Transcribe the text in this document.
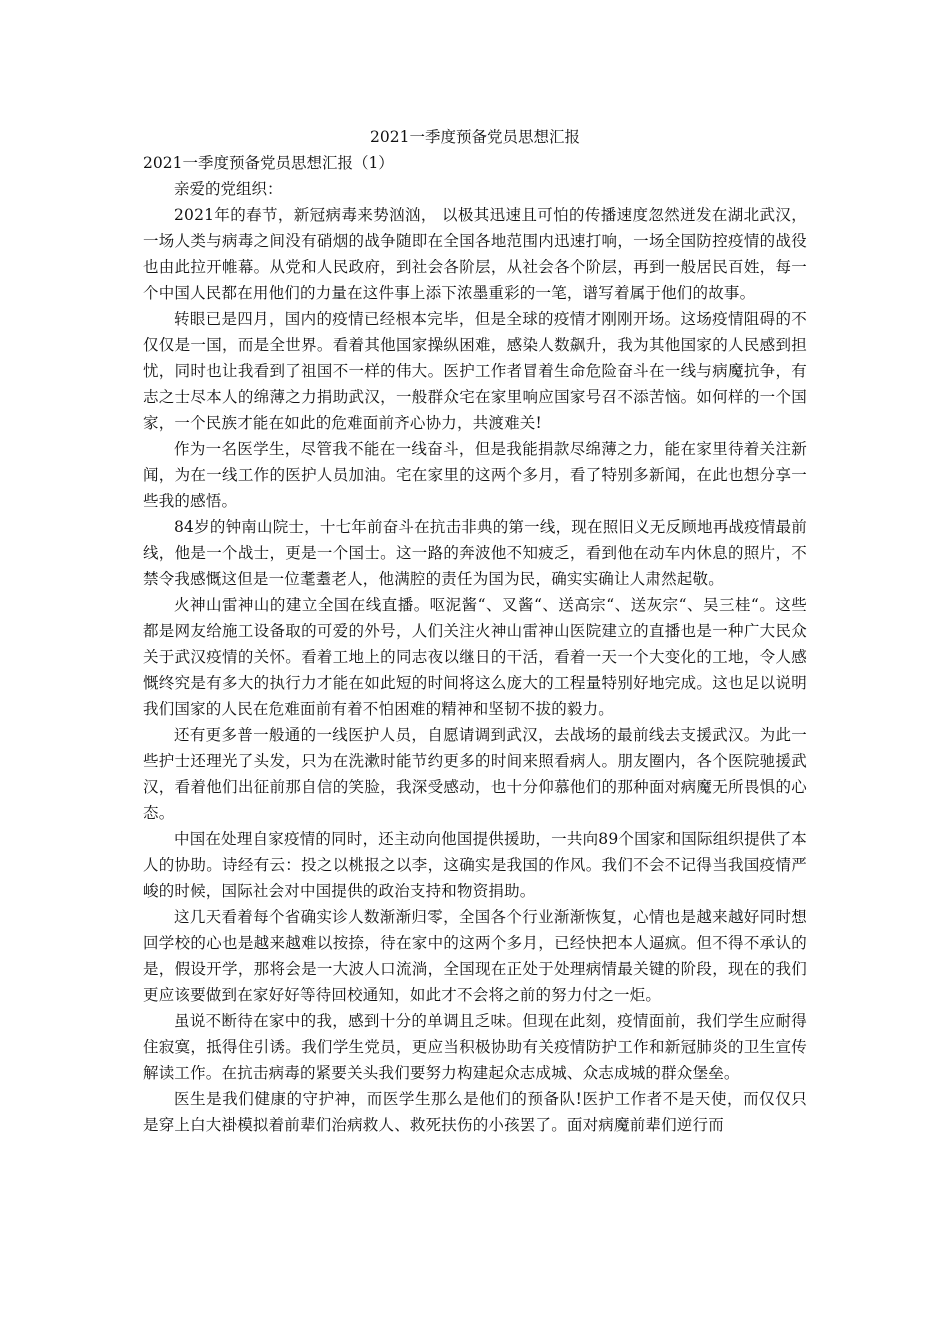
2021一季度预备党员思想汇报

2021一季度预备党员思想汇报（1）

亲爱的党组织：

2021年的春节，新冠病毒来势汹汹， 以极其迅速且可怕的传播速度忽然迸发在湖北武汉，一场人类与病毒之间没有硝烟的战争随即在全国各地范围内迅速打响，一场全国防控疫情的战役也由此拉开帷幕。从党和人民政府，到社会各阶层，从社会各个阶层，再到一般居民百姓，每一个中国人民都在用他们的力量在这件事上添下浓墨重彩的一笔，谱写着属于他们的故事。

转眼已是四月，国内的疫情已经根本完毕，但是全球的疫情才刚刚开场。这场疫情阻碍的不仅仅是一国，而是全世界。看着其他国家操纵困难，感染人数飙升，我为其他国家的人民感到担忧，同时也让我看到了祖国不一样的伟大。医护工作者冒着生命危险奋斗在一线与病魔抗争，有志之士尽本人的绵薄之力捐助武汉，一般群众宅在家里响应国家号召不添苦恼。如何样的一个国家，一个民族才能在如此的危难面前齐心协力，共渡难关!

作为一名医学生，尽管我不能在一线奋斗，但是我能捐款尽绵薄之力，能在家里待着关注新闻，为在一线工作的医护人员加油。宅在家里的这两个多月，看了特别多新闻，在此也想分享一些我的感悟。

84岁的钟南山院士，十七年前奋斗在抗击非典的第一线，现在照旧义无反顾地再战疫情最前线，他是一个战士，更是一个国士。这一路的奔波他不知疲乏，看到他在动车内休息的照片，不禁令我感慨这但是一位耄耋老人，他满腔的责任为国为民，确实实确让人肃然起敬。

火神山雷神山的建立全国在线直播。呕泥酱“、叉酱“、送高宗“、送灰宗“、吴三桂“。这些都是网友给施工设备取的可爱的外号，人们关注火神山雷神山医院建立的直播也是一种广大民众关于武汉疫情的关怀。看着工地上的同志夜以继日的干活，看着一天一个大变化的工地，令人感慨终究是有多大的执行力才能在如此短的时间将这么庞大的工程量特别好地完成。这也足以说明我们国家的人民在危难面前有着不怕困难的精神和坚韧不拔的毅力。

还有更多普一般通的一线医护人员，自愿请调到武汉，去战场的最前线去支援武汉。为此一些护士还理光了头发，只为在洗漱时能节约更多的时间来照看病人。朋友圈内，各个医院驰援武汉，看着他们出征前那自信的笑脸，我深受感动，也十分仰慕他们的那种面对病魔无所畏惧的心态。

中国在处理自家疫情的同时，还主动向他国提供援助，一共向89个国家和国际组织提供了本人的协助。诗经有云：投之以桃报之以李，这确实是我国的作风。我们不会不记得当我国疫情严峻的时候，国际社会对中国提供的政治支持和物资捐助。

这几天看着每个省确实诊人数渐渐归零，全国各个行业渐渐恢复，心情也是越来越好同时想回学校的心也是越来越难以按捺，待在家中的这两个多月，已经快把本人逼疯。但不得不承认的是，假设开学，那将会是一大波人口流淌，全国现在正处于处理病情最关键的阶段，现在的我们更应该要做到在家好好等待回校通知，如此才不会将之前的努力付之一炬。

虽说不断待在家中的我，感到十分的单调且乏味。但现在此刻，疫情面前，我们学生应耐得住寂寞，抵得住引诱。我们学生党员，更应当积极协助有关疫情防护工作和新冠肺炎的卫生宣传解读工作。在抗击病毒的紧要关头我们要努力构建起众志成城、众志成城的群众堡垒。

医生是我们健康的守护神，而医学生那么是他们的预备队!医护工作者不是天使，而仅仅只是穿上白大褂模拟着前辈们治病救人、救死扶伤的小孩罢了。面对病魔前辈们逆行而
